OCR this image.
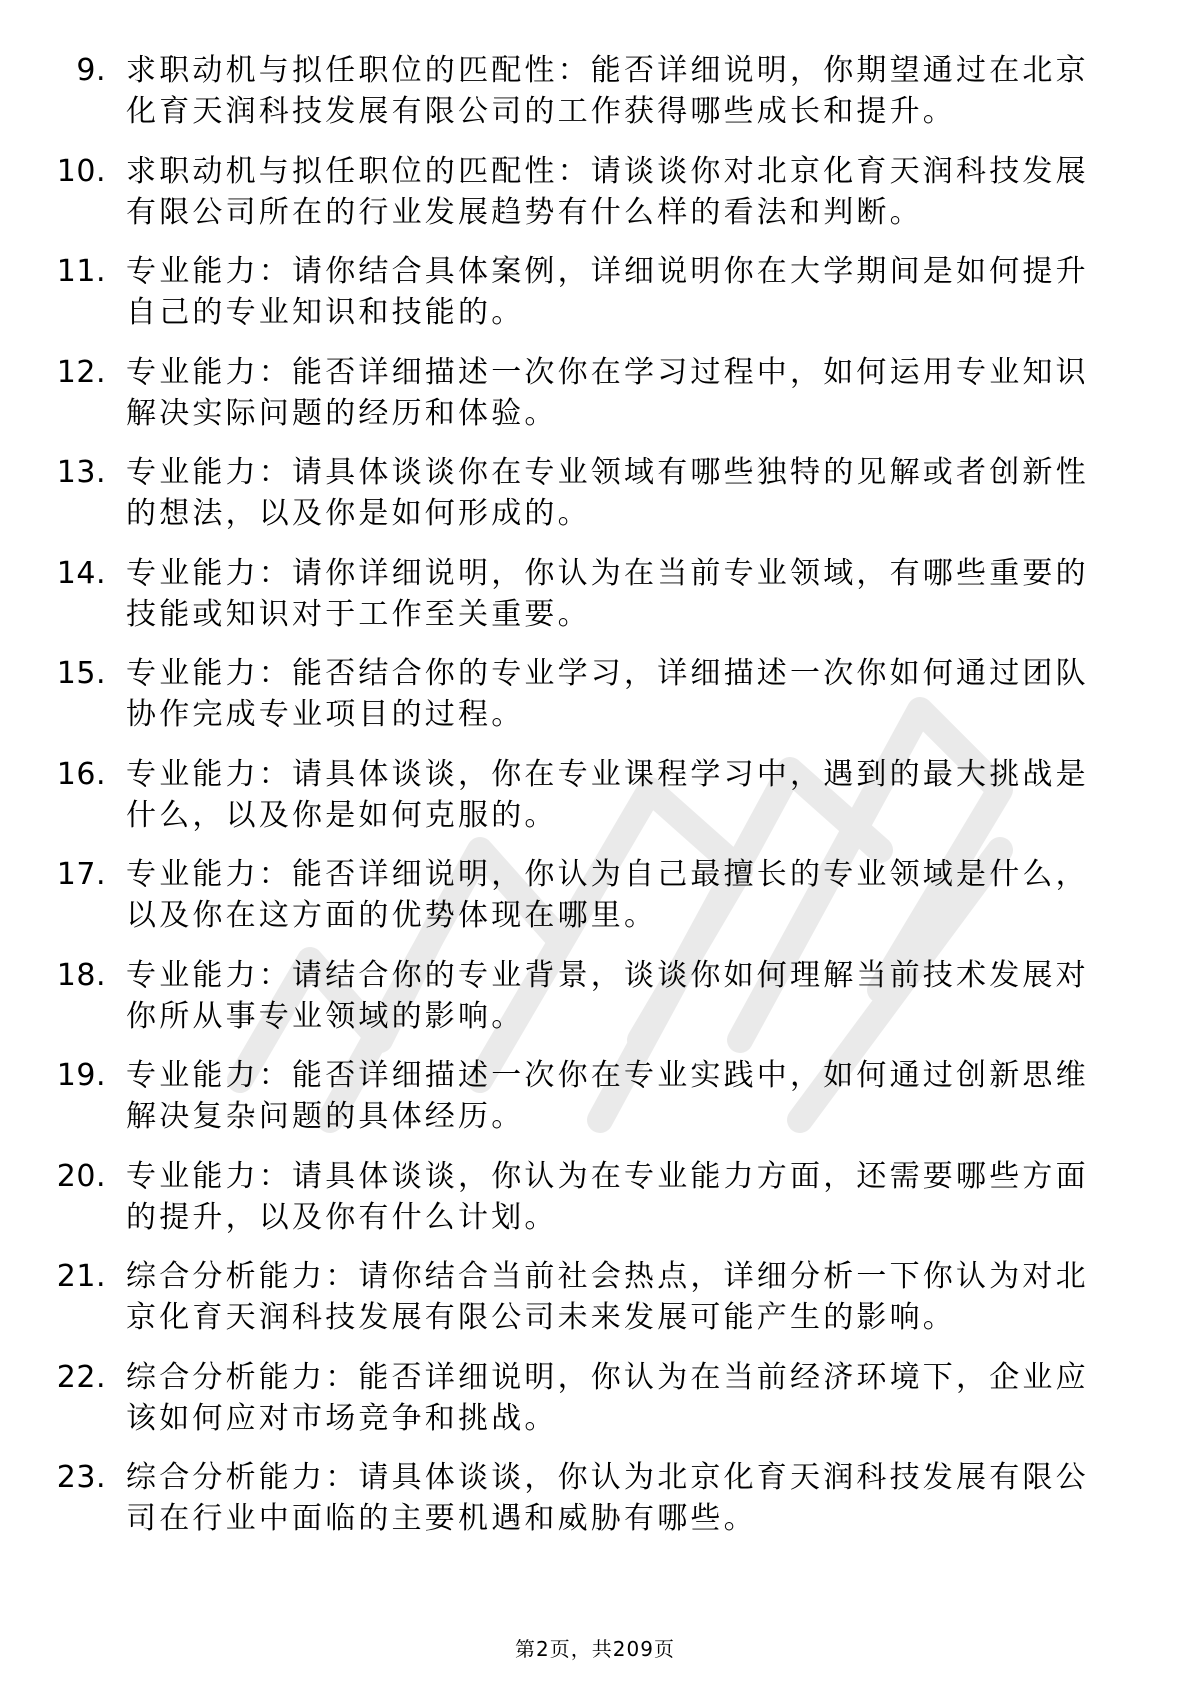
9. 求职动机与拟任职位的匹配性：能否详细说明，你期望通过在北京化育天润科技发展有限公司的工作获得哪些成长和提升。
10. 求职动机与拟任职位的匹配性：请谈谈你对北京化育天润科技发展有限公司所在的行业发展趋势有什么样的看法和判断。
11. 专业能力：请你结合具体案例，详细说明你在大学期间是如何提升自己的专业知识和技能的。
12. 专业能力：能否详细描述一次你在学习过程中，如何运用专业知识解决实际问题的经历和体验。
13. 专业能力：请具体谈谈你在专业领域有哪些独特的见解或者创新性的想法，以及你是如何形成的。
14. 专业能力：请你详细说明，你认为在当前专业领域，有哪些重要的技能或知识对于工作至关重要。
15. 专业能力：能否结合你的专业学习，详细描述一次你如何通过团队协作完成专业项目的过程。
16. 专业能力：请具体谈谈，你在专业课程学习中，遇到的最大挑战是什么，以及你是如何克服的。
17. 专业能力：能否详细说明，你认为自己最擅长的专业领域是什么，以及你在这方面的优势体现在哪里。
18. 专业能力：请结合你的专业背景，谈谈你如何理解当前技术发展对你所从事专业领域的影响。
19. 专业能力：能否详细描述一次你在专业实践中，如何通过创新思维解决复杂问题的具体经历。
20. 专业能力：请具体谈谈，你认为在专业能力方面，还需要哪些方面的提升，以及你有什么计划。
21. 综合分析能力：请你结合当前社会热点，详细分析一下你认为对北京化育天润科技发展有限公司未来发展可能产生的影响。
22. 综合分析能力：能否详细说明，你认为在当前经济环境下，企业应该如何应对市场竞争和挑战。
23. 综合分析能力：请具体谈谈，你认为北京化育天润科技发展有限公司在行业中面临的主要机遇和威胁有哪些。
第2页，共209页
